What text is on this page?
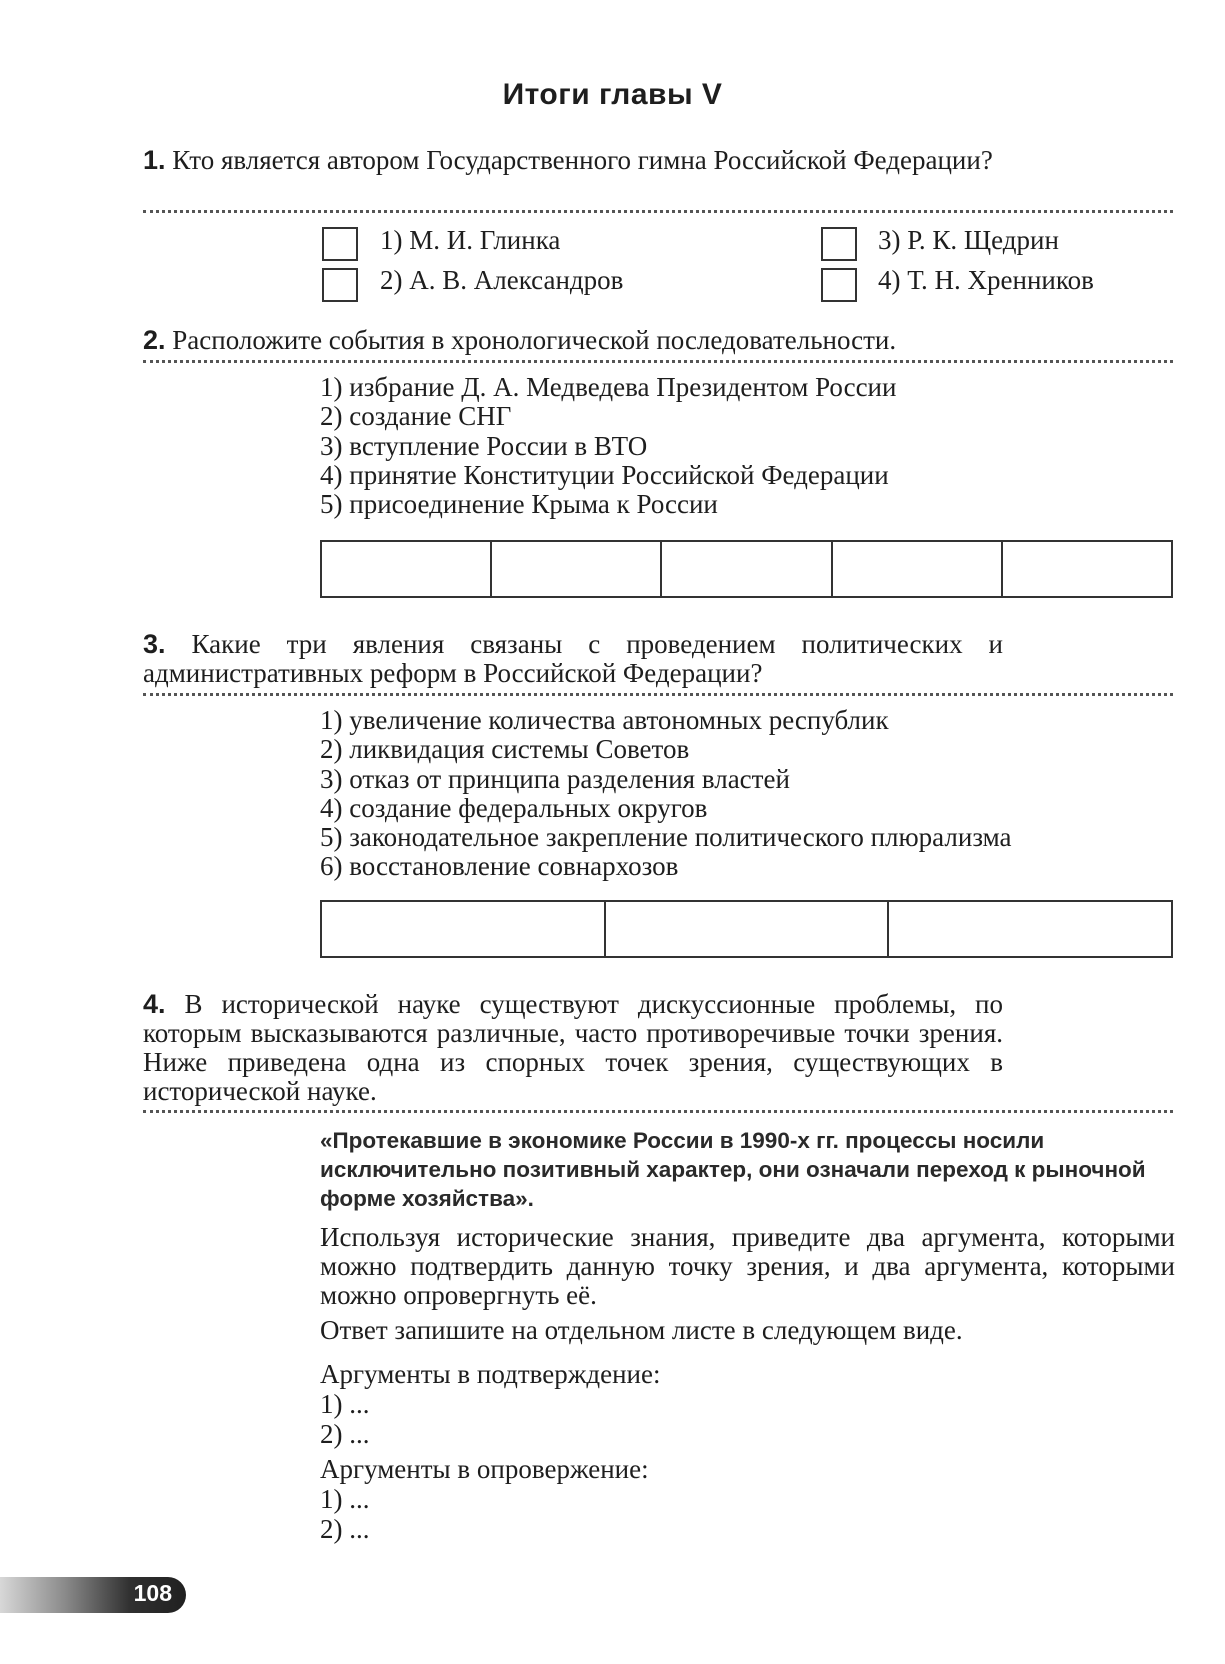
Итоги главы V
1. Кто является автором Государственного гимна Российской Федерации?
1) М. И. Глинка
2) А. В. Александров
3) Р. К. Щедрин
4) Т. Н. Хренников
2. Расположите события в хронологической последовательности.
1) избрание Д. А. Медведева Президентом России
2) создание СНГ
3) вступление России в ВТО
4) принятие Конституции Российской Федерации
5) присоединение Крыма к России
3. Какие три явления связаны с проведением политических и административных реформ в Российской Федерации?
1) увеличение количества автономных республик
2) ликвидация системы Советов
3) отказ от принципа разделения властей
4) создание федеральных округов
5) законодательное закрепление политического плюрализма
6) восстановление совнархозов
4. В исторической науке существуют дискуссионные проблемы, по которым высказываются различные, часто противоречивые точки зрения. Ниже приведена одна из спорных точек зрения, существующих в исторической науке.
«Протекавшие в экономике России в 1990-х гг. процессы носили исключительно позитивный характер, они означали переход к рыночной форме хозяйства».
Используя исторические знания, приведите два аргумента, которыми можно подтвердить данную точку зрения, и два аргумента, которыми можно опровергнуть её.
Ответ запишите на отдельном листе в следующем виде.
Аргументы в подтверждение:
1) ...
2) ...
Аргументы в опровержение:
1) ...
2) ...
108
